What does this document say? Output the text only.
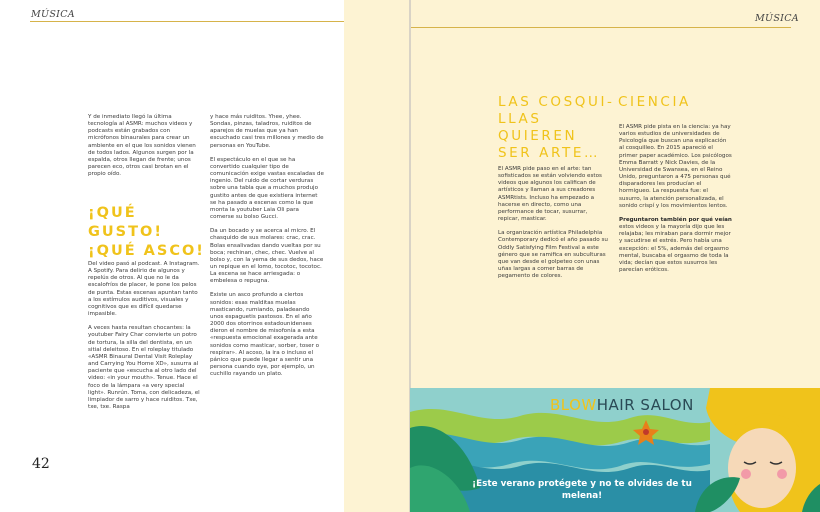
MÚSICA

Y de inmediato llegó la última tecnología al ASMR: muchos videos y podcasts están grabados con micrófonos binaurales para crear un ambiente en el que los sonidos vienen de todos lados. Algunos surgen por la espalda, otros llegan de frente; unos parecen eco, otros casi brotan en el propio oído.

¡QUÉ GUSTO! ¡QUÉ ASCO!

Del video pasó al podcast. A Instagram. A Spotify. Para delirio de algunos y repelús de otros. Al que no le da escalofríos de placer, le pone los pelos de punta. Estas escenas apuntan tanto a los estímulos auditivos, visuales y cognitivos que es difícil quedarse impasible.

A veces hasta resultan chocantes: la youtuber Fairy Char convierte un potro de tortura, la silla del dentista, en un sitial deleitoso. En el roleplay titulado «ASMR Binaural Dental Visit Roleplay and Carrying You Home XD», susurra al paciente que «escucha al otro lado del video: «in your mouth». Tenue. Hace el foco de la lámpara «a very special light». Runrún. Toma, con delicadeza, el limpiador de sarro y hace ruiditos. Txe, txe, txe. Raspa

y hace más ruiditos. Yhee, yhee. Sondas, pinzas, taladros, ruiditos de aparejos de muelas que ya han escuchado casi tres millones y medio de personas en YouTube.

El espectáculo en el que se ha convertido cualquier tipo de comunicación exige vastas escaladas de ingenio. Del ruido de cortar verduras sobre una tabla que a muchos produjo gustito antes de que existiera internet se ha pasado a escenas como la que monta la youtuber Laia Oli para comerse su bolso Gucci.

Da un bocado y se acerca al micro. El chasquido de sus molares: crac, crac. Bolas ensalivadas dando vueltas por su boca; rechinan, chec, chec. Vuelve al bolso y, con la yema de sus dedos, hace un repique en el lomo, tocotoc, tocotoc. La escena se hace arriesgada: o embelesa o repugna.

Existe un asco profundo a ciertos sonidos: esas malditas muelas masticando, rumiando, paladeando unos espaguetis pastosos. En el año 2000 dos otorrinos estadounidenses dieron el nombre de misofonía a esta «respuesta emocional exagerada ante sonidos como masticar, sorber, toser o respirar». Al acoso, la ira o incluso el pánico que puede llegar a sentir una persona cuando oye, por ejemplo, un cuchillo rayando un plato.

42
MÚSICA
LAS COSQUI-LLAS QUIEREN SER ARTE…
CIENCIA

El ASMR pide paso en el arte: tan sofisticados se están volviendo estos videos que algunos los califican de artísticos y llaman a sus creadores ASMRtists. Incluso ha empezado a hacerse en directo, como una performance de tocar, susurrar, repicar, masticar.

La organización artística Philadelphia Contemporary dedicó el año pasado su Oddly Satisfying Film Festival a este género que se ramifica en subculturas que van desde el golpeteo con unas uñas largas a comer barras de pegamento de colores.

El ASMR pide pista en la ciencia: ya hay varios estudios de universidades de Psicología que buscan una explicación al cosquilleo. En 2015 apareció el primer paper académico. Los psicólogos Emma Barratt y Nick Davies, de la Universidad de Swansea, en el Reino Unido, preguntaron a 475 personas qué disparadores les producían el hormigueo. La respuesta fue: el susurro, la atención personalizada, el sonido crispí y los movimientos lentos.

Preguntaron también por qué veían estos videos y la mayoría dijo que les relajaba; les miraban para dormir mejor y sacudirse el estrés. Pero había una excepción: el 5%, además del orgasmo mental, buscaba el orgasmo de toda la vida; decían que estos susurros les parecían eróticos.

BLOWHAIR SALON
¡Este verano protégete y no te olvides de tu melena!
